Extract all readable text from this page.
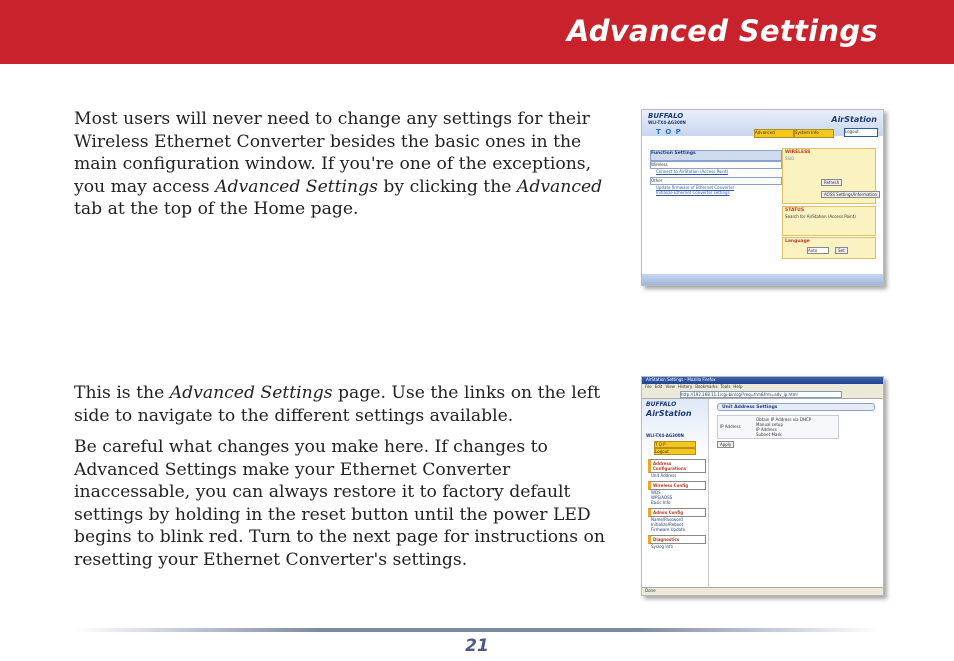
Advanced Settings

Most users will never need to change any settings for their Wireless Ethernet Converter besides the basic ones in the main configuration window. If you're one of the exceptions, you may access Advanced Settings by clicking the Advanced tab at the top of the Home page.

This is the Advanced Settings page. Use the links on the left side to navigate to the different settings available.

Be careful what changes you make here. If changes to Advanced Settings make your Ethernet Converter inaccessable, you can always restore it to factory default settings by holding in the reset button until the power LED begins to blink red. Turn to the next page for instructions on resetting your Ethernet Converter's settings.

BUFFALO
WLI-TX4-AG300N	AirStation
T O P	Advanced	System Info	Logout
Function Settings
Wireless
Connect to AirStation (Access Point)
Other
Update firmware of Ethernet Converter
Initialize Ethernet Converter settings
WIRELESS
SSID
Refresh
AOSS Settings/Information
STATUS
Search for AirStation (Access Point)
Language
Auto	Set
AirStation Settings - Mozilla Firefox
File Edit View History Bookmarks Tools Help
http://192.168.11.1/cgi-bin/cgi?req=frm&frm=adv_ip.html
BUFFALO
AirStation
WLI-TX4-AG300N
T O P
Logout
Address Configurations
Unit Address
Wireless Config
WDS
WPS/AOSS
Basic Info
Admin Config
Name/Password
Initialize/Reboot
Firmware Update
Diagnostics
Syslog Info
Unit Address Settings
IP Address
Obtain IP Address via DHCP
Manual setup
IP Address
Subnet Mask
Apply
Done
21
